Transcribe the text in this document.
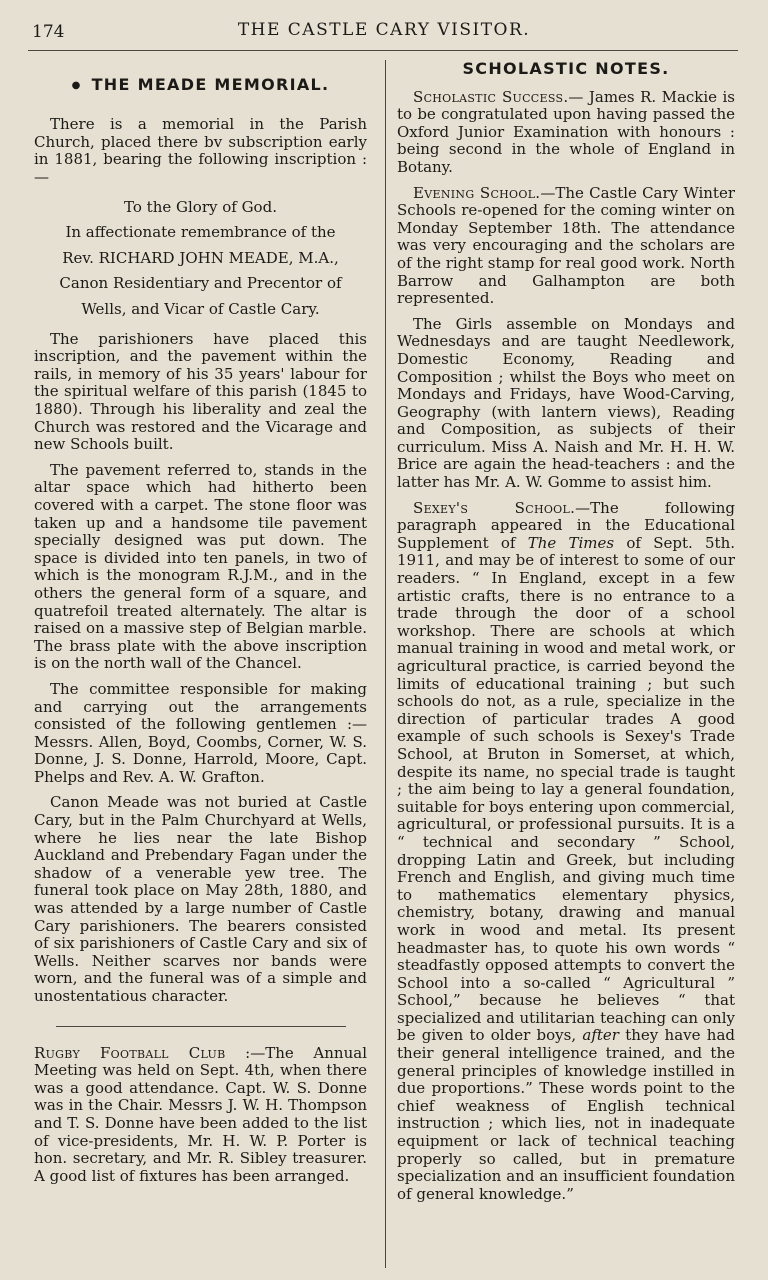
174	THE CASTLE CARY VISITOR.
● THE MEADE MEMORIAL.

There is a memorial in the Parish Church, placed there bv subscription early in 1881, bearing the following inscription :—

To the Glory of God.

In affectionate remembrance of the

Rev. RICHARD JOHN MEADE, M.A.,

Canon Residentiary and Precentor of

Wells, and Vicar of Castle Cary.

The parishioners have placed this inscription, and the pavement within the rails, in memory of his 35 years' labour for the spiritual welfare of this parish (1845 to 1880). Through his liberality and zeal the Church was restored and the Vicarage and new Schools built.

The pavement referred to, stands in the altar space which had hitherto been covered with a carpet. The stone floor was taken up and a handsome tile pavement specially designed was put down. The space is divided into ten panels, in two of which is the monogram R.J.M., and in the others the general form of a square, and quatrefoil treated alternately. The altar is raised on a massive step of Belgian marble. The brass plate with the above inscription is on the north wall of the Chancel.

The committee responsible for making and carrying out the arrangements consisted of the following gentlemen :— Messrs. Allen, Boyd, Coombs, Corner, W. S. Donne, J. S. Donne, Harrold, Moore, Capt. Phelps and Rev. A. W. Grafton.

Canon Meade was not buried at Castle Cary, but in the Palm Churchyard at Wells, where he lies near the late Bishop Auckland and Prebendary Fagan under the shadow of a venerable yew tree. The funeral took place on May 28th, 1880, and was attended by a large number of Castle Cary parishioners. The bearers consisted of six parishioners of Castle Cary and six of Wells. Neither scarves nor bands were worn, and the funeral was of a simple and unostentatious character.

Rugby Football Club :—The Annual Meeting was held on Sept. 4th, when there was a good attendance. Capt. W. S. Donne was in the Chair. Messrs J. W. H. Thompson and T. S. Donne have been added to the list of vice-presidents, Mr. H. W. P. Porter is hon. secretary, and Mr. R. Sibley treasurer. A good list of fixtures has been arranged.

SCHOLASTIC NOTES.

Scholastic Success.— James R. Mackie is to be congratulated upon having passed the Oxford Junior Examination with honours : being second in the whole of England in Botany.

Evening School.—The Castle Cary Winter Schools re-opened for the coming winter on Monday September 18th. The attendance was very encouraging and the scholars are of the right stamp for real good work. North Barrow and Galhampton are both represented.

The Girls assemble on Mondays and Wednesdays and are taught Needlework, Domestic Economy, Reading and Composition ; whilst the Boys who meet on Mondays and Fridays, have Wood-Carving, Geography (with lantern views), Reading and Composition, as subjects of their curriculum. Miss A. Naish and Mr. H. H. W. Brice are again the head-teachers : and the latter has Mr. A. W. Gomme to assist him.

Sexey's School.—The following paragraph appeared in the Educational Supplement of The Times of Sept. 5th. 1911, and may be of interest to some of our readers. “ In England, except in a few artistic crafts, there is no entrance to a trade through the door of a school workshop. There are schools at which manual training in wood and metal work, or agricultural practice, is carried beyond the limits of educational training ; but such schools do not, as a rule, specialize in the direction of particular trades A good example of such schools is Sexey's Trade School, at Bruton in Somerset, at which, despite its name, no special trade is taught ; the aim being to lay a general foundation, suitable for boys entering upon commercial, agricultural, or professional pursuits. It is a “ technical and secondary ” School, dropping Latin and Greek, but including French and English, and giving much time to mathematics elementary physics, chemistry, botany, drawing and manual work in wood and metal. Its present headmaster has, to quote his own words “ steadfastly opposed attempts to convert the School into a so-called “ Agricultural ” School,” because he believes “ that specialized and utilitarian teaching can only be given to older boys, after they have had their general intelligence trained, and the general principles of knowledge instilled in due proportions.” These words point to the chief weakness of English technical instruction ; which lies, not in inadequate equipment or lack of technical teaching properly so called, but in premature specialization and an insufficient foundation of general knowledge.”
